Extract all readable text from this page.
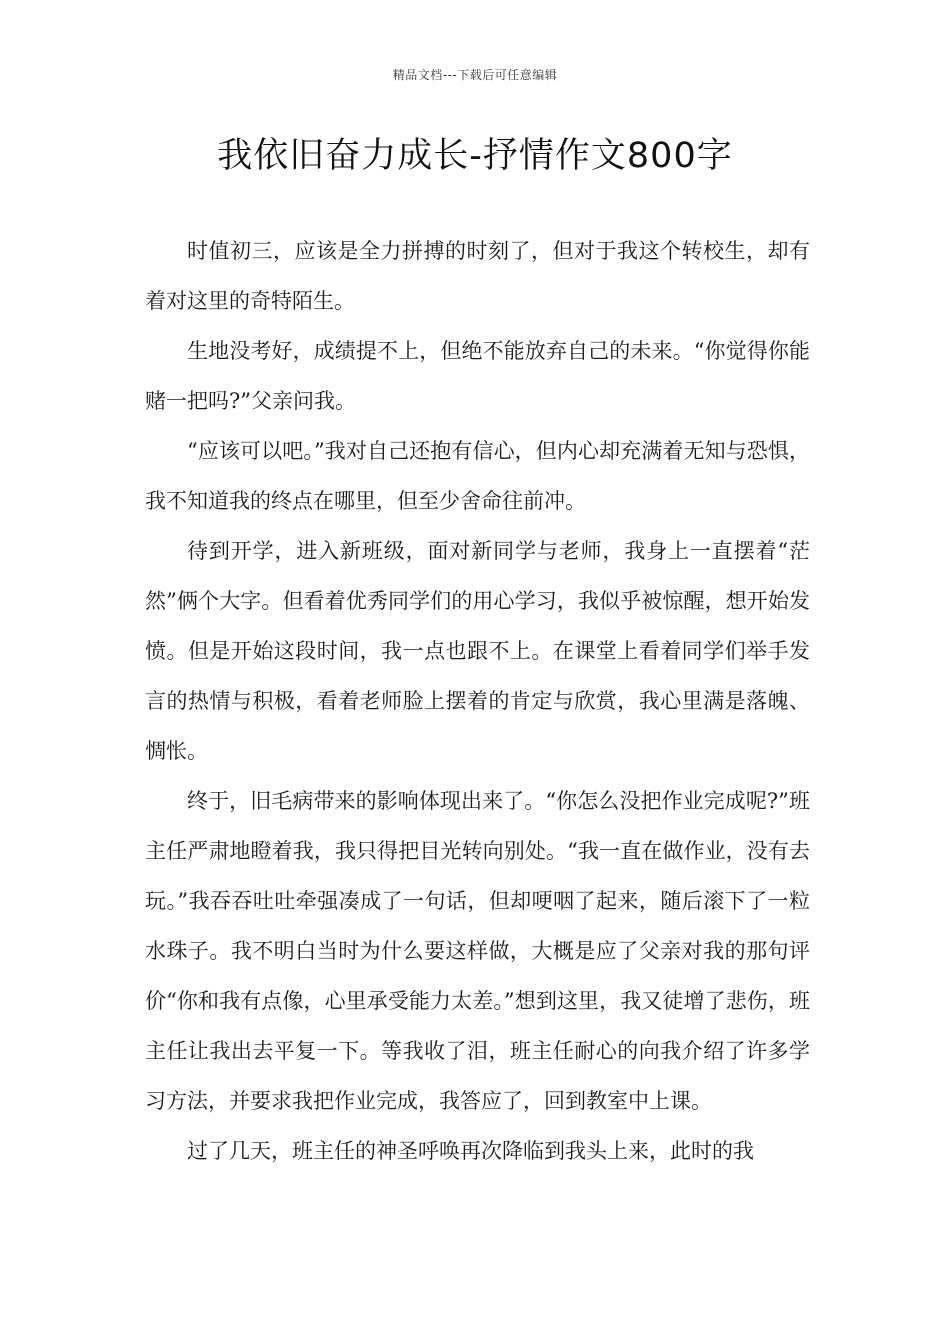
精品文档---下载后可任意编辑
我依旧奋力成长-抒情作文800字

时值初三，应该是全力拼搏的时刻了，但对于我这个转校生，却有着对这里的奇特陌生。

生地没考好，成绩提不上，但绝不能放弃自己的未来。“你觉得你能赌一把吗?”父亲问我。

“应该可以吧。”我对自己还抱有信心，但内心却充满着无知与恐惧，我不知道我的终点在哪里，但至少舍命往前冲。

待到开学，进入新班级，面对新同学与老师，我身上一直摆着“茫然”俩个大字。但看着优秀同学们的用心学习，我似乎被惊醒，想开始发愤。但是开始这段时间，我一点也跟不上。在课堂上看着同学们举手发言的热情与积极，看着老师脸上摆着的肯定与欣赏，我心里满是落魄、惆怅。

终于，旧毛病带来的影响体现出来了。“你怎么没把作业完成呢?”班主任严肃地瞪着我，我只得把目光转向别处。“我一直在做作业，没有去玩。”我吞吞吐吐牵强凑成了一句话，但却哽咽了起来，随后滚下了一粒水珠子。我不明白当时为什么要这样做，大概是应了父亲对我的那句评价“你和我有点像，心里承受能力太差。”想到这里，我又徒增了悲伤，班主任让我出去平复一下。等我收了泪，班主任耐心的向我介绍了许多学习方法，并要求我把作业完成，我答应了，回到教室中上课。

过了几天，班主任的神圣呼唤再次降临到我头上来，此时的我
